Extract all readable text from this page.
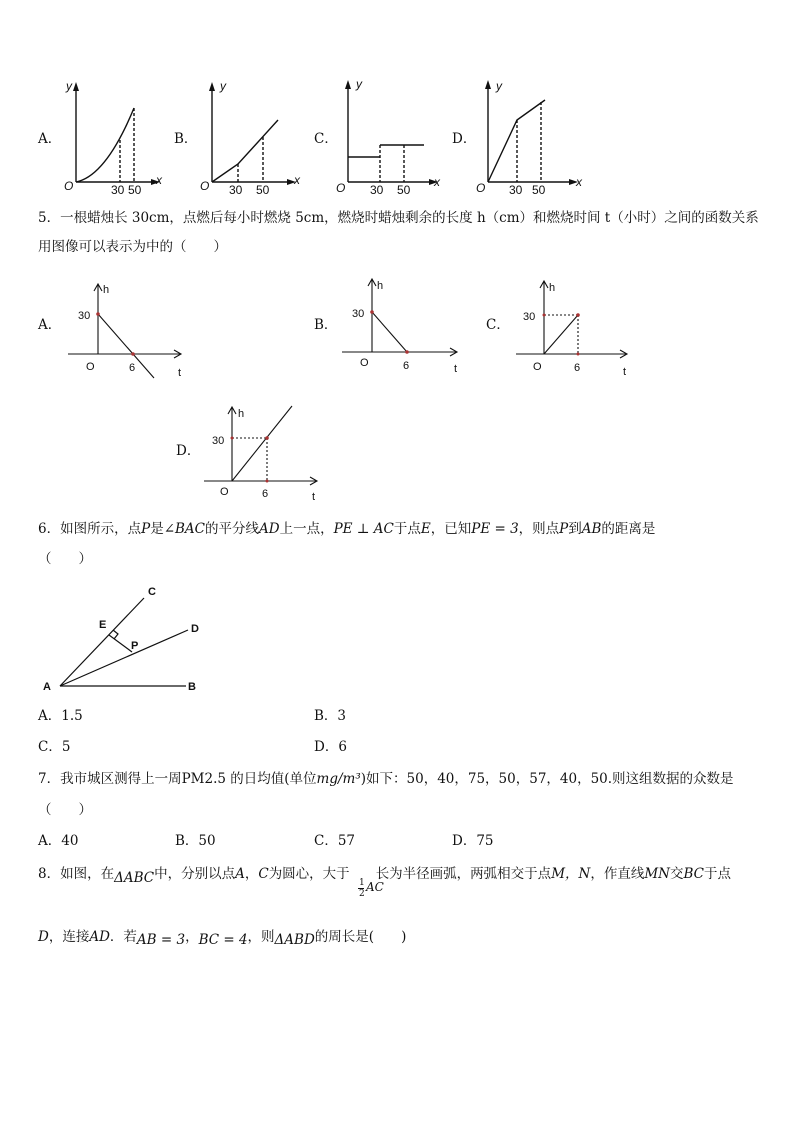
A．
y
x
O	30 50
B．
y
x
O 30 50
C．
y
x
O 30 50
D．
y
x
O 30 50
5．一根蜡烛长 30cm，点燃后每小时燃烧 5cm，燃烧时蜡烛剩余的长度 h（cm）和燃烧时间 t（小时）之间的函数关系
用图像可以表示为中的（　　）
A．
h
t
O
30
6
B．
h
t
O
30
6
C．
h
t
O
30
6
D．
h
t
O
30
6
6．如图所示，点P是∠BAC的平分线AD上一点，PE ⊥ AC于点E，已知PE = 3，则点P到AB的距离是
（　　）
A	B
C
D
E
P
A．1.5	B．3
C．5	D．6
7．我市城区测得上一周PM2.5 的日均值(单位mg/m³)如下：50，40，75，50，57，40，50.则这组数据的众数是
（　　）
A．40	B．50	C．57	D．75
8．如图，在ΔABC中，分别以点A，C为圆心，大于 长为半径画弧，两弧相交于点M，N，作直线MN交BC于点
1
2 AC
D，连接AD．若AB = 3，BC = 4，则ΔABD的周长是(　　)
